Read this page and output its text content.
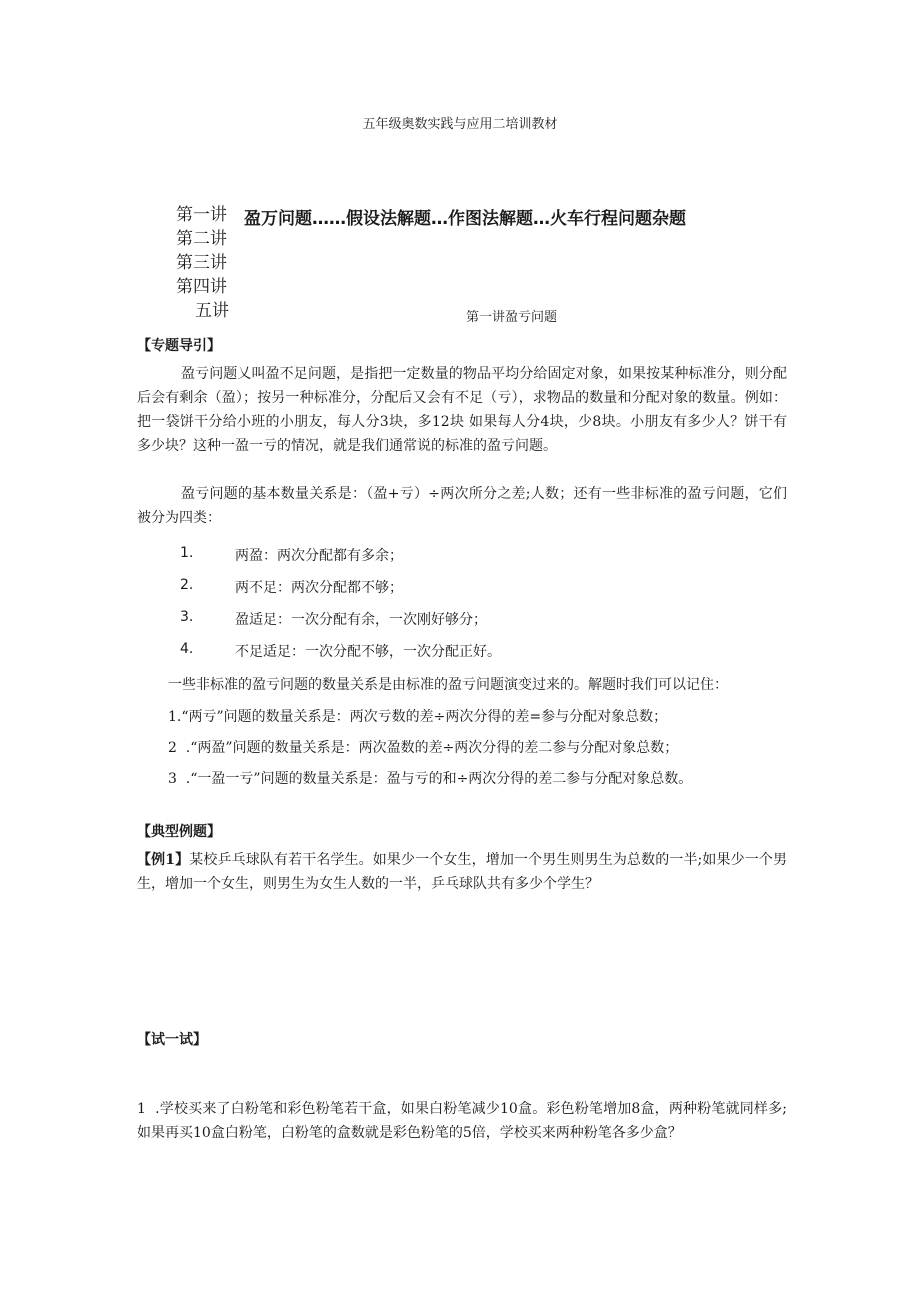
五年级奥数实践与应用二培训教材
第一讲
第二讲
第三讲
第四讲
五讲
盈万问题……假设法解题…作图法解题…火车行程问题杂题
第一讲盈亏问题
【专题导引】
盈亏问题乂叫盈不足问题，是指把一定数量的物品平均分给固定对象，如果按某种标准分，则分配后会有剩余（盈）；按另一种标准分，分配后又会有不足（亏），求物品的数量和分配对象的数量。例如：把一袋饼干分给小班的小朋友，每人分3块，多12块 如果每人分4块，少8块。小朋友有多少人？饼干有多少块？这种一盈一亏的情况，就是我们通常说的标准的盈亏问题。
盈亏问题的基本数量关系是：（盈+亏）÷两次所分之差;人数；还有一些非标准的盈亏问题，它们被分为四类：
1.	两盈：两次分配都有多余；
2.	两不足：两次分配都不够；
3.	盈适足：一次分配有余，一次刚好够分；
4.	不足适足：一次分配不够，一次分配正好。
一些非标准的盈亏问题的数量关系是由标准的盈亏问题演变过来的。解题时我们可以记住：
1.“两亏”问题的数量关系是：两次亏数的差÷两次分得的差=参与分配对象总数；
2  .“两盈”问题的数量关系是：两次盈数的差÷两次分得的差二参与分配对象总数；
3  .“一盈一亏”问题的数量关系是：盈与亏的和÷两次分得的差二参与分配对象总数。
【典型例题】
【例1】某校乒乓球队有若干名学生。如果少一个女生，增加一个男生则男生为总数的一半;如果少一个男生，增加一个女生，则男生为女生人数的一半，乒乓球队共有多少个学生？
【试一试】
1  .学校买来了白粉笔和彩色粉笔若干盒，如果白粉笔减少10盒。彩色粉笔增加8盒，两种粉笔就同样多;如果再买10盒白粉笔，白粉笔的盒数就是彩色粉笔的5倍，学校买来两种粉笔各多少盒？
